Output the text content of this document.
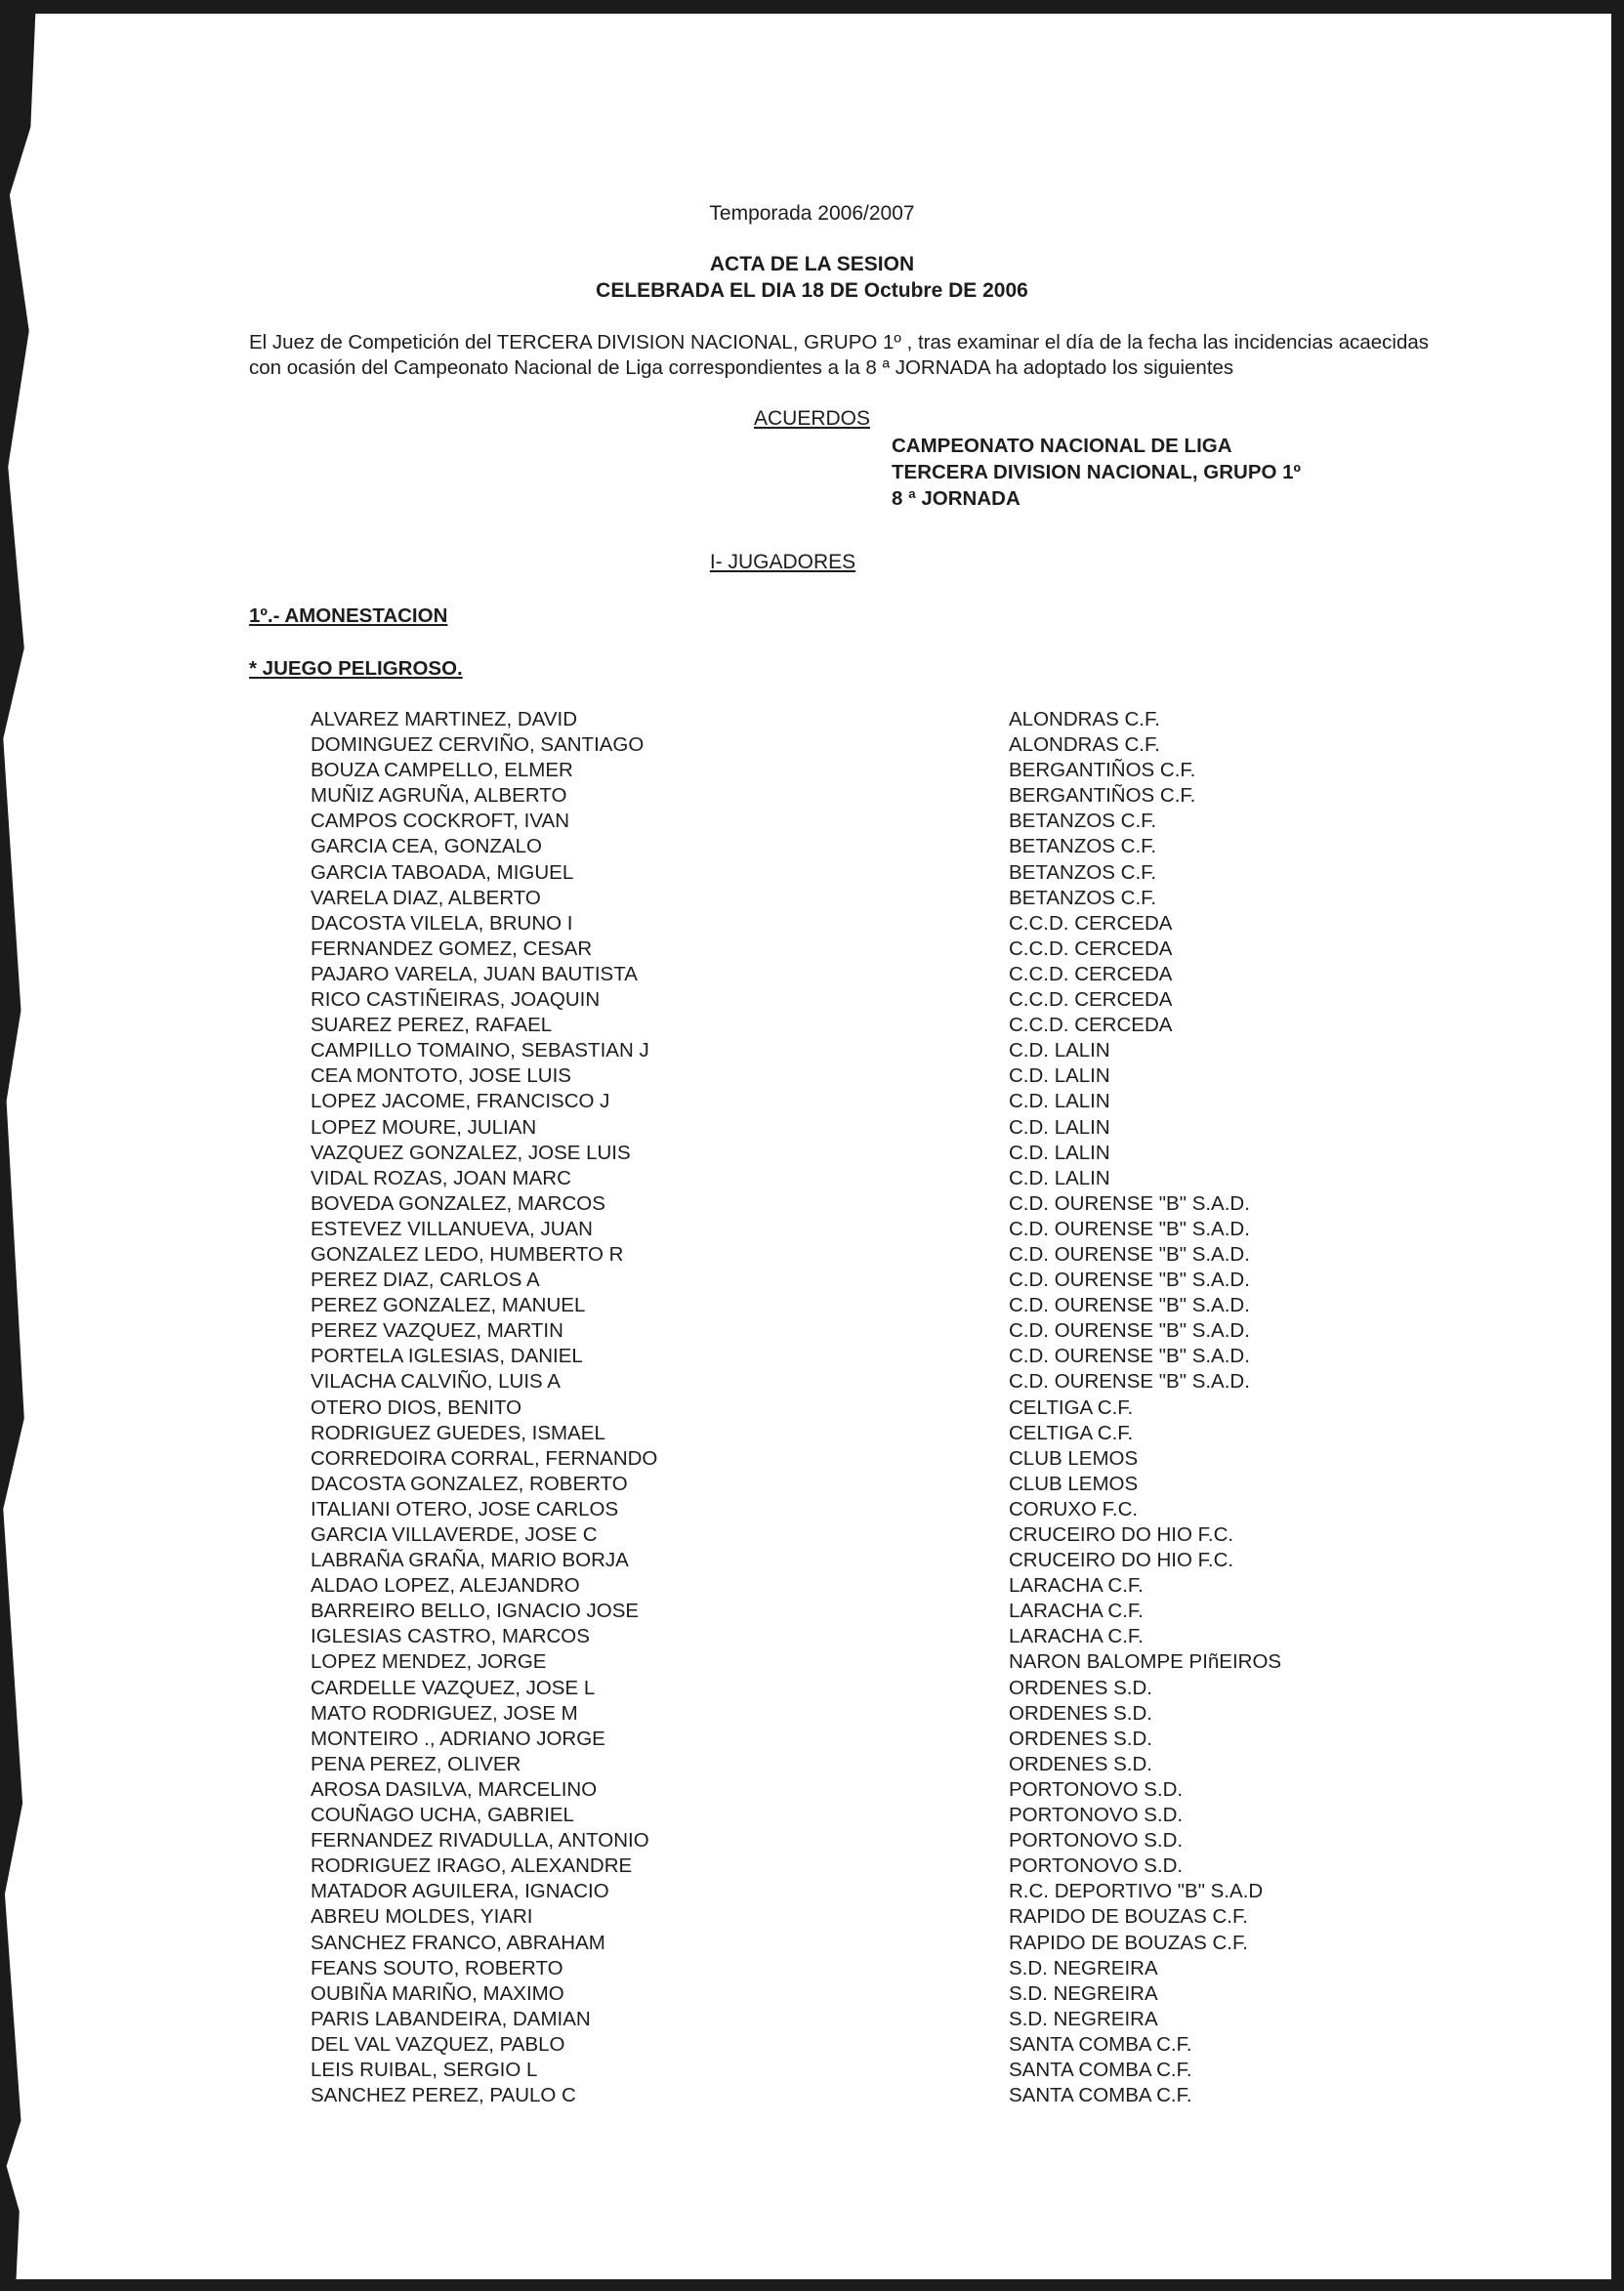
Temporada 2006/2007
ACTA DE LA SESION
CELEBRADA EL DIA 18 DE Octubre DE 2006
El Juez de Competición del TERCERA DIVISION NACIONAL, GRUPO 1º , tras examinar el día de la fecha las incidencias acaecidas con ocasión del Campeonato Nacional de Liga correspondientes a la 8 ª JORNADA ha adoptado los siguientes
ACUERDOS
CAMPEONATO NACIONAL DE LIGA
TERCERA DIVISION NACIONAL, GRUPO 1º
8 ª JORNADA
I- JUGADORES
1º.- AMONESTACION
* JUEGO PELIGROSO.
ALVAREZ MARTINEZ, DAVID	ALONDRAS C.F.
DOMINGUEZ CERVIÑO, SANTIAGO	ALONDRAS C.F.
BOUZA CAMPELLO, ELMER	BERGANTIÑOS C.F.
MUÑIZ AGRUÑA, ALBERTO	BERGANTIÑOS C.F.
CAMPOS COCKROFT, IVAN	BETANZOS C.F.
GARCIA CEA, GONZALO	BETANZOS C.F.
GARCIA TABOADA, MIGUEL	BETANZOS C.F.
VARELA DIAZ, ALBERTO	BETANZOS C.F.
DACOSTA VILELA, BRUNO I	C.C.D. CERCEDA
FERNANDEZ GOMEZ, CESAR	C.C.D. CERCEDA
PAJARO VARELA, JUAN BAUTISTA	C.C.D. CERCEDA
RICO CASTIÑEIRAS, JOAQUIN	C.C.D. CERCEDA
SUAREZ PEREZ, RAFAEL	C.C.D. CERCEDA
CAMPILLO TOMAINO, SEBASTIAN J	C.D. LALIN
CEA MONTOTO, JOSE LUIS	C.D. LALIN
LOPEZ JACOME, FRANCISCO J	C.D. LALIN
LOPEZ MOURE, JULIAN	C.D. LALIN
VAZQUEZ GONZALEZ, JOSE LUIS	C.D. LALIN
VIDAL ROZAS, JOAN MARC	C.D. LALIN
BOVEDA GONZALEZ, MARCOS	C.D. OURENSE "B" S.A.D.
ESTEVEZ VILLANUEVA, JUAN	C.D. OURENSE "B" S.A.D.
GONZALEZ LEDO, HUMBERTO R	C.D. OURENSE "B" S.A.D.
PEREZ DIAZ, CARLOS A	C.D. OURENSE "B" S.A.D.
PEREZ GONZALEZ, MANUEL	C.D. OURENSE "B" S.A.D.
PEREZ VAZQUEZ, MARTIN	C.D. OURENSE "B" S.A.D.
PORTELA IGLESIAS, DANIEL	C.D. OURENSE "B" S.A.D.
VILACHA CALVIÑO, LUIS A	C.D. OURENSE "B" S.A.D.
OTERO DIOS, BENITO	CELTIGA C.F.
RODRIGUEZ GUEDES, ISMAEL	CELTIGA C.F.
CORREDOIRA CORRAL, FERNANDO	CLUB LEMOS
DACOSTA GONZALEZ, ROBERTO	CLUB LEMOS
ITALIANI OTERO, JOSE CARLOS	CORUXO F.C.
GARCIA VILLAVERDE, JOSE C	CRUCEIRO DO HIO F.C.
LABRAÑA GRAÑA, MARIO BORJA	CRUCEIRO DO HIO F.C.
ALDAO LOPEZ, ALEJANDRO	LARACHA C.F.
BARREIRO BELLO, IGNACIO JOSE	LARACHA C.F.
IGLESIAS CASTRO, MARCOS	LARACHA C.F.
LOPEZ MENDEZ, JORGE	NARON BALOMPE PIñEIROS
CARDELLE VAZQUEZ, JOSE L	ORDENES S.D.
MATO RODRIGUEZ, JOSE M	ORDENES S.D.
MONTEIRO ., ADRIANO JORGE	ORDENES S.D.
PENA PEREZ, OLIVER	ORDENES S.D.
AROSA DASILVA, MARCELINO	PORTONOVO S.D.
COUÑAGO UCHA, GABRIEL	PORTONOVO S.D.
FERNANDEZ RIVADULLA, ANTONIO	PORTONOVO S.D.
RODRIGUEZ IRAGO, ALEXANDRE	PORTONOVO S.D.
MATADOR AGUILERA, IGNACIO	R.C. DEPORTIVO "B" S.A.D
ABREU MOLDES, YIARI	RAPIDO DE BOUZAS C.F.
SANCHEZ FRANCO, ABRAHAM	RAPIDO DE BOUZAS C.F.
FEANS SOUTO, ROBERTO	S.D. NEGREIRA
OUBIÑA MARIÑO, MAXIMO	S.D. NEGREIRA
PARIS LABANDEIRA, DAMIAN	S.D. NEGREIRA
DEL VAL VAZQUEZ, PABLO	SANTA COMBA C.F.
LEIS RUIBAL, SERGIO L	SANTA COMBA C.F.
SANCHEZ PEREZ, PAULO C	SANTA COMBA C.F.
